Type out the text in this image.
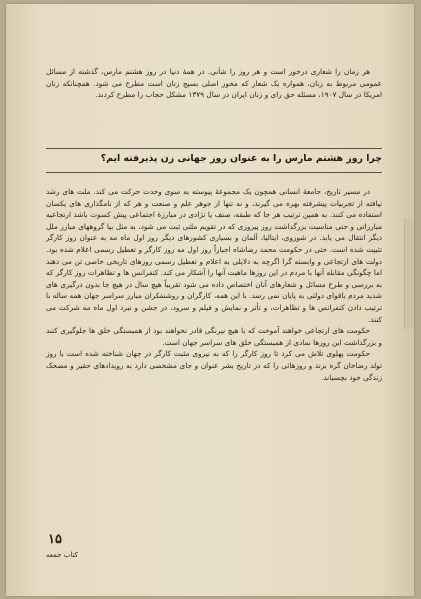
هر زمان را شعاری درخور است و هر روز را شأنی. در همهٔ دنیا در روز هشتم مارس، گذشته از مسائل عمومی مربوط به زنان، همواره یک شعار که محور اصلی بسیج زنان است مطرح می شود. همچنانکه زنان امریکا در سال ۱۹۰۷، مسئله حق رای و زنان ایران در سال ۱۳۷۹ مشکل حجاب را مطرح کردند.

چرا روز هشتم مارس را به عنوان روز جهانی زن پذیرفته ایم؟

در مسیر تاریخ، جامعهٔ انسانی همچون یک مجموعهٔ پیوسته به سوی وحدت حرکت می کند. ملت های رشد نیافته از تجربیات پیشرفته بهره می گیرند، و نه تنها از جوهر علم و صنعت و هر که از نامگذاری های یکسان استفاده می کنند. به همین ترتیب هر جا که طبقه، صنف یا نژادی در مبارزهٔ اجتماعی پیش کسوت باشد ارتجاعیه مبارزاتی و حتی مناسبت بزرگداشت روز پیروزی که در تقویم ملتی ثبت می شود، به مثل بیا گروههای مبارز ملل دیگر انتقال می یابد. در شوروی، ایتالیا، آلمان و بسیاری کشورهای دیگر روز اول ماه مه به عنوان روز کارگر تثبیت شده است. حتی در حکومت محمد رضاشاه اجباراً روز اول مه روز کارگر و تعطیل رسمی اعلام شده بود. دولت های ارتجاعی و وابسته گرا اگرچه به دلایلی به اعلام و تعطیل رسمی روزهای تاریخی خاصی تن می دهند اما چگونگی مقابله آنها با مردم در این روزها ماهیت آنها را آشکار می کند. کنفرانس ها و تظاهرات روز کارگر که به بررسی و طرح مسائل و شعارهای آنان اختصاص داده می شود تقریباً هیچ سال در هیچ جا بدون درگیری های شدید مردم باقوای دولتی به پایان نمی رسد. با این همه، کارگران و روشنفکران مبارز سراسر جهان همه ساله با ترتیب دادن کنفرانس ها و تظاهرات، و تأتر و نمایش و فیلم و سرود، در جشن و نبرد اول ماه مه شرکت می کنند.

حکومت های ارتجاعی خواهند آموخت که با هیچ نیرنگی قادر نخواهند بود از همبستگی خلق ها جلوگیری کنند و بزرگداشت این روزها نمادی از همبستگی خلق های سراسر جهان است.

حکومت پهلوی تلاش می کرد تا روز کارگر را که به نیروی مثبت کارگر در جهان شناخته شده است با روز تولد رضاخان گره بزند و روزهائی را که در تاریخ بشر عنوان و جای مشخصی دارد به رویدادهای حقیر و مضحک زندگی خود بچسباند.

۱۵
کتاب جمعه
